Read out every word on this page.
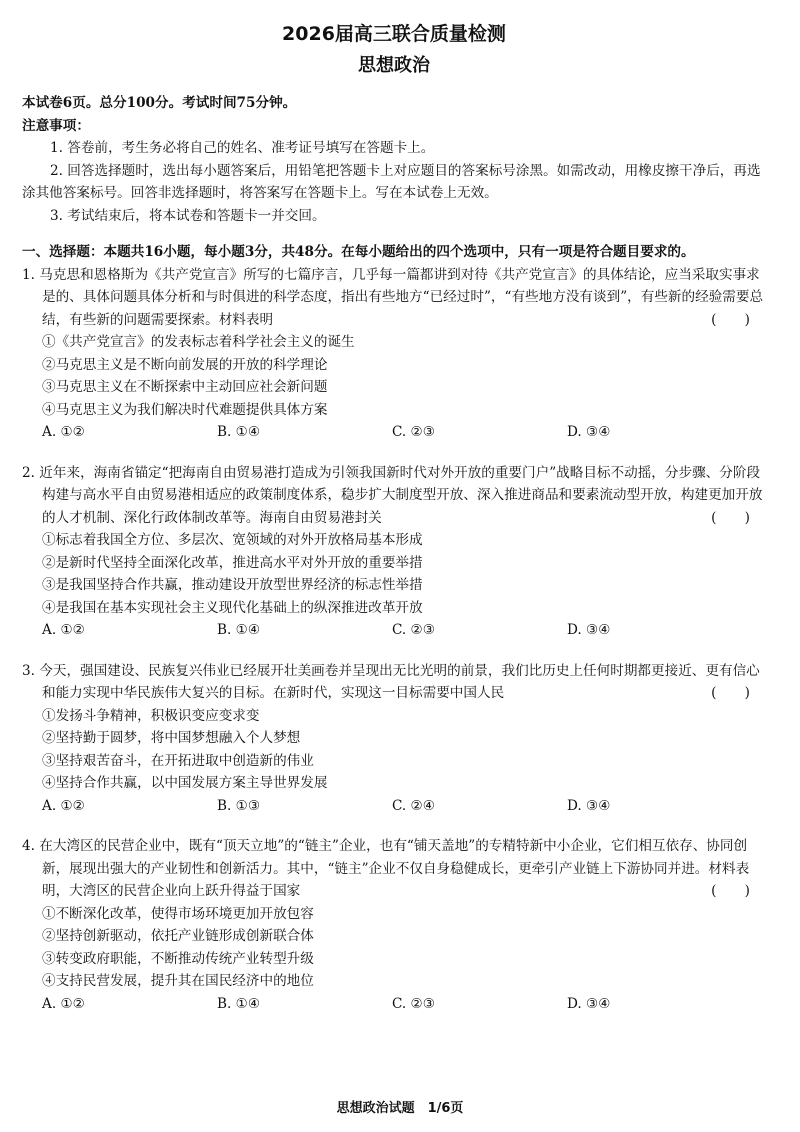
2026届高三联合质量检测
思想政治

本试卷6页。总分100分。考试时间75分钟。

注意事项：

1. 答卷前，考生务必将自己的姓名、准考证号填写在答题卡上。

2. 回答选择题时，选出每小题答案后，用铅笔把答题卡上对应题目的答案标号涂黑。如需改动，用橡皮擦干净后，再选涂其他答案标号。回答非选择题时，将答案写在答题卡上。写在本试卷上无效。

3. 考试结束后，将本试卷和答题卡一并交回。

一、选择题：本题共16小题，每小题3分，共48分。在每小题给出的四个选项中，只有一项是符合题目要求的。

1. 马克思和恩格斯为《共产党宣言》所写的七篇序言，几乎每一篇都讲到对待《共产党宣言》的具体结论，应当采取实事求是的、具体问题具体分析和与时俱进的科学态度，指出有些地方“已经过时”，“有些地方没有谈到”，有些新的经验需要总结，有些新的问题需要探索。材料表明	( )

①《共产党宣言》的发表标志着科学社会主义的诞生

②马克思主义是不断向前发展的开放的科学理论

③马克思主义在不断探索中主动回应社会新问题

④马克思主义为我们解决时代难题提供具体方案

A. ①②	B. ①④	C. ②③	D. ③④

2. 近年来，海南省锚定“把海南自由贸易港打造成为引领我国新时代对外开放的重要门户”战略目标不动摇，分步骤、分阶段构建与高水平自由贸易港相适应的政策制度体系，稳步扩大制度型开放、深入推进商品和要素流动型开放，构建更加开放的人才机制、深化行政体制改革等。海南自由贸易港封关	( )

①标志着我国全方位、多层次、宽领域的对外开放格局基本形成

②是新时代坚持全面深化改革，推进高水平对外开放的重要举措

③是我国坚持合作共赢，推动建设开放型世界经济的标志性举措

④是我国在基本实现社会主义现代化基础上的纵深推进改革开放

A. ①②	B. ①④	C. ②③	D. ③④

3. 今天，强国建设、民族复兴伟业已经展开壮美画卷并呈现出无比光明的前景，我们比历史上任何时期都更接近、更有信心和能力实现中华民族伟大复兴的目标。在新时代，实现这一目标需要中国人民	( )

①发扬斗争精神，积极识变应变求变

②坚持勤于圆梦，将中国梦想融入个人梦想

③坚持艰苦奋斗，在开拓进取中创造新的伟业

④坚持合作共赢，以中国发展方案主导世界发展

A. ①②	B. ①③	C. ②④	D. ③④

4. 在大湾区的民营企业中，既有“顶天立地”的“链主”企业，也有“铺天盖地”的专精特新中小企业，它们相互依存、协同创新，展现出强大的产业韧性和创新活力。其中，“链主”企业不仅自身稳健成长，更牵引产业链上下游协同并进。材料表明，大湾区的民营企业向上跃升得益于国家	( )

①不断深化改革，使得市场环境更加开放包容

②坚持创新驱动，依托产业链形成创新联合体

③转变政府职能，不断推动传统产业转型升级

④支持民营发展，提升其在国民经济中的地位

A. ①②	B. ①④	C. ②③	D. ③④
思想政治试题　1/6页
